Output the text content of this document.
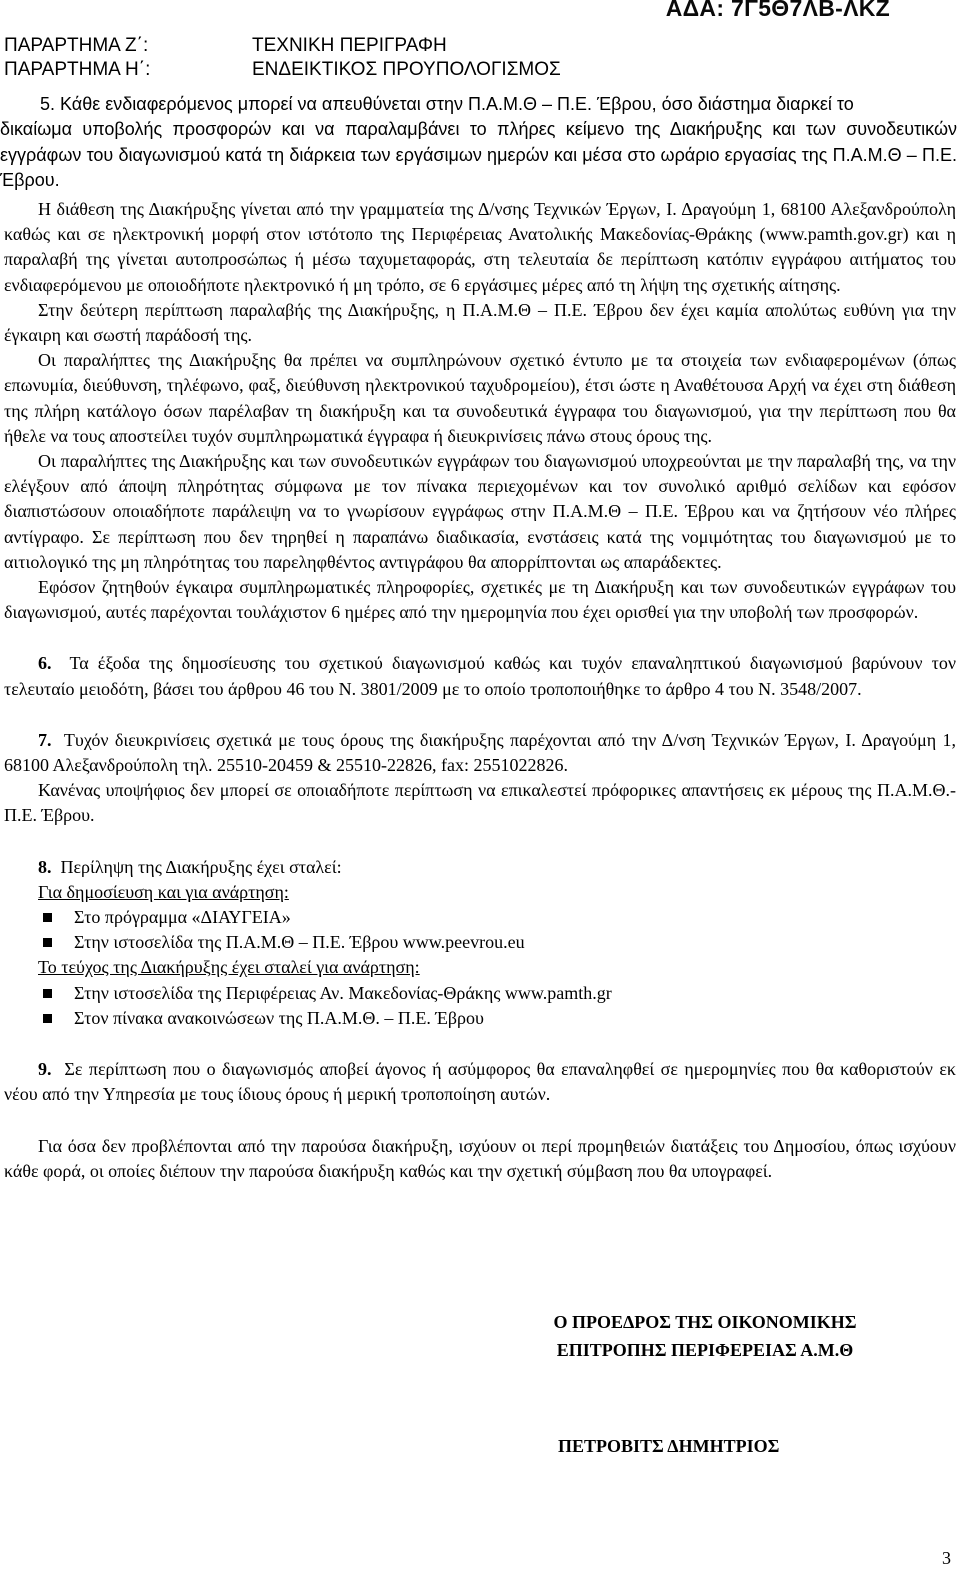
ΑΔΑ: 7Γ5Θ7ΛΒ-ΛΚΖ
ΠΑΡΑΡΤΗΜΑ Ζ΄:	ΤΕΧΝΙΚΗ ΠΕΡΙΓΡΑΦΗ
ΠΑΡΑΡΤΗΜΑ Η΄:	ΕΝΔΕΙΚΤΙΚΟΣ ΠΡΟΥΠΟΛΟΓΙΣΜΟΣ
5. Κάθε ενδιαφερόμενος μπορεί να απευθύνεται στην Π.Α.Μ.Θ – Π.Ε. Έβρου, όσο διάστημα διαρκεί το

δικαίωμα υποβολής προσφορών και να παραλαμβάνει το πλήρες κείμενο της Διακήρυξης και των συνοδευτικών εγγράφων του διαγωνισμού κατά τη διάρκεια των εργάσιμων ημερών και μέσα στο ωράριο εργασίας της Π.Α.Μ.Θ – Π.Ε. Έβρου.

Η διάθεση της Διακήρυξης γίνεται από την γραμματεία της Δ/νσης Τεχνικών Έργων, Ι. Δραγούμη 1, 68100 Αλεξανδρούπολη καθώς και σε ηλεκτρονική μορφή στον ιστότοπο της Περιφέρειας Ανατολικής Μακεδονίας-Θράκης (www.pamth.gov.gr) και η παραλαβή της γίνεται αυτοπροσώπως ή μέσω ταχυμεταφοράς, στη τελευταία δε περίπτωση κατόπιν εγγράφου αιτήματος του ενδιαφερόμενου με οποιοδήποτε ηλεκτρονικό ή μη τρόπο, σε 6 εργάσιμες μέρες από τη λήψη της σχετικής αίτησης.

Στην δεύτερη περίπτωση παραλαβής της Διακήρυξης, η Π.Α.Μ.Θ – Π.Ε. Έβρου δεν έχει καμία απολύτως ευθύνη για την έγκαιρη και σωστή παράδοσή της.

Οι παραλήπτες της Διακήρυξης θα πρέπει να συμπληρώνουν σχετικό έντυπο με τα στοιχεία των ενδιαφερομένων (όπως επωνυμία, διεύθυνση, τηλέφωνο, φαξ, διεύθυνση ηλεκτρονικού ταχυδρομείου), έτσι ώστε η Αναθέτουσα Αρχή να έχει στη διάθεση της πλήρη κατάλογο όσων παρέλαβαν τη διακήρυξη και τα συνοδευτικά έγγραφα του διαγωνισμού, για την περίπτωση που θα ήθελε να τους αποστείλει τυχόν συμπληρωματικά έγγραφα ή διευκρινίσεις πάνω στους όρους της.

Οι παραλήπτες της Διακήρυξης και των συνοδευτικών εγγράφων του διαγωνισμού υποχρεούνται με την παραλαβή της, να την ελέγξουν από άποψη πληρότητας σύμφωνα με τον πίνακα περιεχομένων και τον συνολικό αριθμό σελίδων και εφόσον διαπιστώσουν οποιαδήποτε παράλειψη να το γνωρίσουν εγγράφως στην Π.Α.Μ.Θ – Π.Ε. Έβρου και να ζητήσουν νέο πλήρες αντίγραφο. Σε περίπτωση που δεν τηρηθεί η παραπάνω διαδικασία, ενστάσεις κατά της νομιμότητας του διαγωνισμού με το αιτιολογικό της μη πληρότητας του παρεληφθέντος αντιγράφου θα απορρίπτονται ως απαράδεκτες.

Εφόσον ζητηθούν έγκαιρα συμπληρωματικές πληροφορίες, σχετικές με τη Διακήρυξη και των συνοδευτικών εγγράφων του διαγωνισμού, αυτές παρέχονται τουλάχιστον 6 ημέρες από την ημερομηνία που έχει ορισθεί για την υποβολή των προσφορών.

6. Τα έξοδα της δημοσίευσης του σχετικού διαγωνισμού καθώς και τυχόν επαναληπτικού διαγωνισμού βαρύνουν τον τελευταίο μειοδότη, βάσει του άρθρου 46 του Ν. 3801/2009 με το οποίο τροποποιήθηκε το άρθρο 4 του Ν. 3548/2007.

7. Τυχόν διευκρινίσεις σχετικά με τους όρους της διακήρυξης παρέχονται από την Δ/νση Τεχνικών Έργων, Ι. Δραγούμη 1, 68100 Αλεξανδρούπολη τηλ. 25510-20459 & 25510-22826, fax: 2551022826.

Κανένας υποψήφιος δεν μπορεί σε οποιαδήποτε περίπτωση να επικαλεστεί πρόφορικες απαντήσεις εκ μέρους της Π.Α.Μ.Θ.- Π.Ε. Έβρου.

8. Περίληψη της Διακήρυξης έχει σταλεί:

Για δημοσίευση και για ανάρτηση:

Στο πρόγραμμα «ΔΙΑΥΓΕΙΑ»
Στην ιστοσελίδα της Π.Α.Μ.Θ – Π.Ε. Έβρου www.peevrou.eu

Το τεύχος της Διακήρυξης έχει σταλεί για ανάρτηση:

Στην ιστοσελίδα της Περιφέρειας Αν. Μακεδονίας-Θράκης www.pamth.gr
Στον πίνακα ανακοινώσεων της Π.Α.Μ.Θ. – Π.Ε. Έβρου

9. Σε περίπτωση που ο διαγωνισμός αποβεί άγονος ή ασύμφορος θα επαναληφθεί σε ημερομηνίες που θα καθοριστούν εκ νέου από την Υπηρεσία με τους ίδιους όρους ή μερική τροποποίηση αυτών.

Για όσα δεν προβλέπονται από την παρούσα διακήρυξη, ισχύουν οι περί προμηθειών διατάξεις του Δημοσίου, όπως ισχύουν κάθε φορά, οι οποίες διέπουν την παρούσα διακήρυξη καθώς και την σχετική σύμβαση που θα υπογραφεί.

Ο ΠΡΟΕΔΡΟΣ ΤΗΣ ΟΙΚΟΝΟΜΙΚΗΣ
ΕΠΙΤΡΟΠΗΣ ΠΕΡΙΦΕΡΕΙΑΣ Α.Μ.Θ
ΠΕΤΡΟΒΙΤΣ ΔΗΜΗΤΡΙΟΣ
3
